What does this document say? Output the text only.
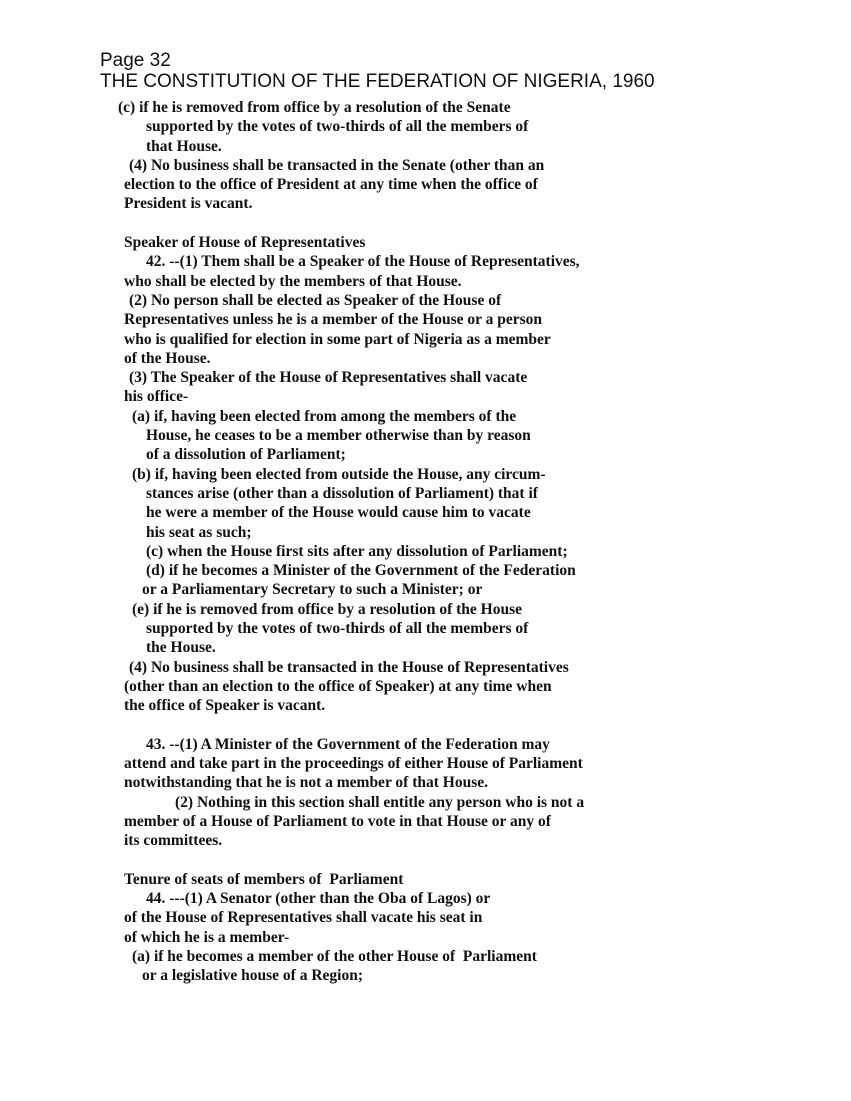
Page 32
THE CONSTITUTION OF THE FEDERATION OF NIGERIA, 1960
(c) if he is removed from office by a resolution of the Senate
supported by the votes of two-thirds of all the members of
that House.
(4) No business shall be transacted in the Senate (other than an
election to the office of President at any time when the office of
President is vacant.
Speaker of House of Representatives
42. --(1) Them shall be a Speaker of the House of Representatives,
who shall be elected by the members of that House.
(2) No person shall be elected as Speaker of the House of
Representatives unless he is a member of the House or a person
who is qualified for election in some part of Nigeria as a member
of the House.
(3) The Speaker of the House of Representatives shall vacate
his office-
(a) if, having been elected from among the members of the
House, he ceases to be a member otherwise than by reason
of a dissolution of Parliament;
(b) if, having been elected from outside the House, any circum-
stances arise (other than a dissolution of Parliament) that if
he were a member of the House would cause him to vacate
his seat as such;
(c) when the House first sits after any dissolution of Parliament;
(d) if he becomes a Minister of the Government of the Federation
or a Parliamentary Secretary to such a Minister; or
(e) if he is removed from office by a resolution of the House
supported by the votes of two-thirds of all the members of
the House.
(4) No business shall be transacted in the House of Representatives
(other than an election to the office of Speaker) at any time when
the office of Speaker is vacant.
43. --(1) A Minister of the Government of the Federation may
attend and take part in the proceedings of either House of Parliament
notwithstanding that he is not a member of that House.
(2) Nothing in this section shall entitle any person who is not a
member of a House of Parliament to vote in that House or any of
its committees.
Tenure of seats of members of  Parliament
44. ---(1) A Senator (other than the Oba of Lagos) or
of the House of Representatives shall vacate his seat in
of which he is a member-
(a) if he becomes a member of the other House of  Parliament
or a legislative house of a Region;
